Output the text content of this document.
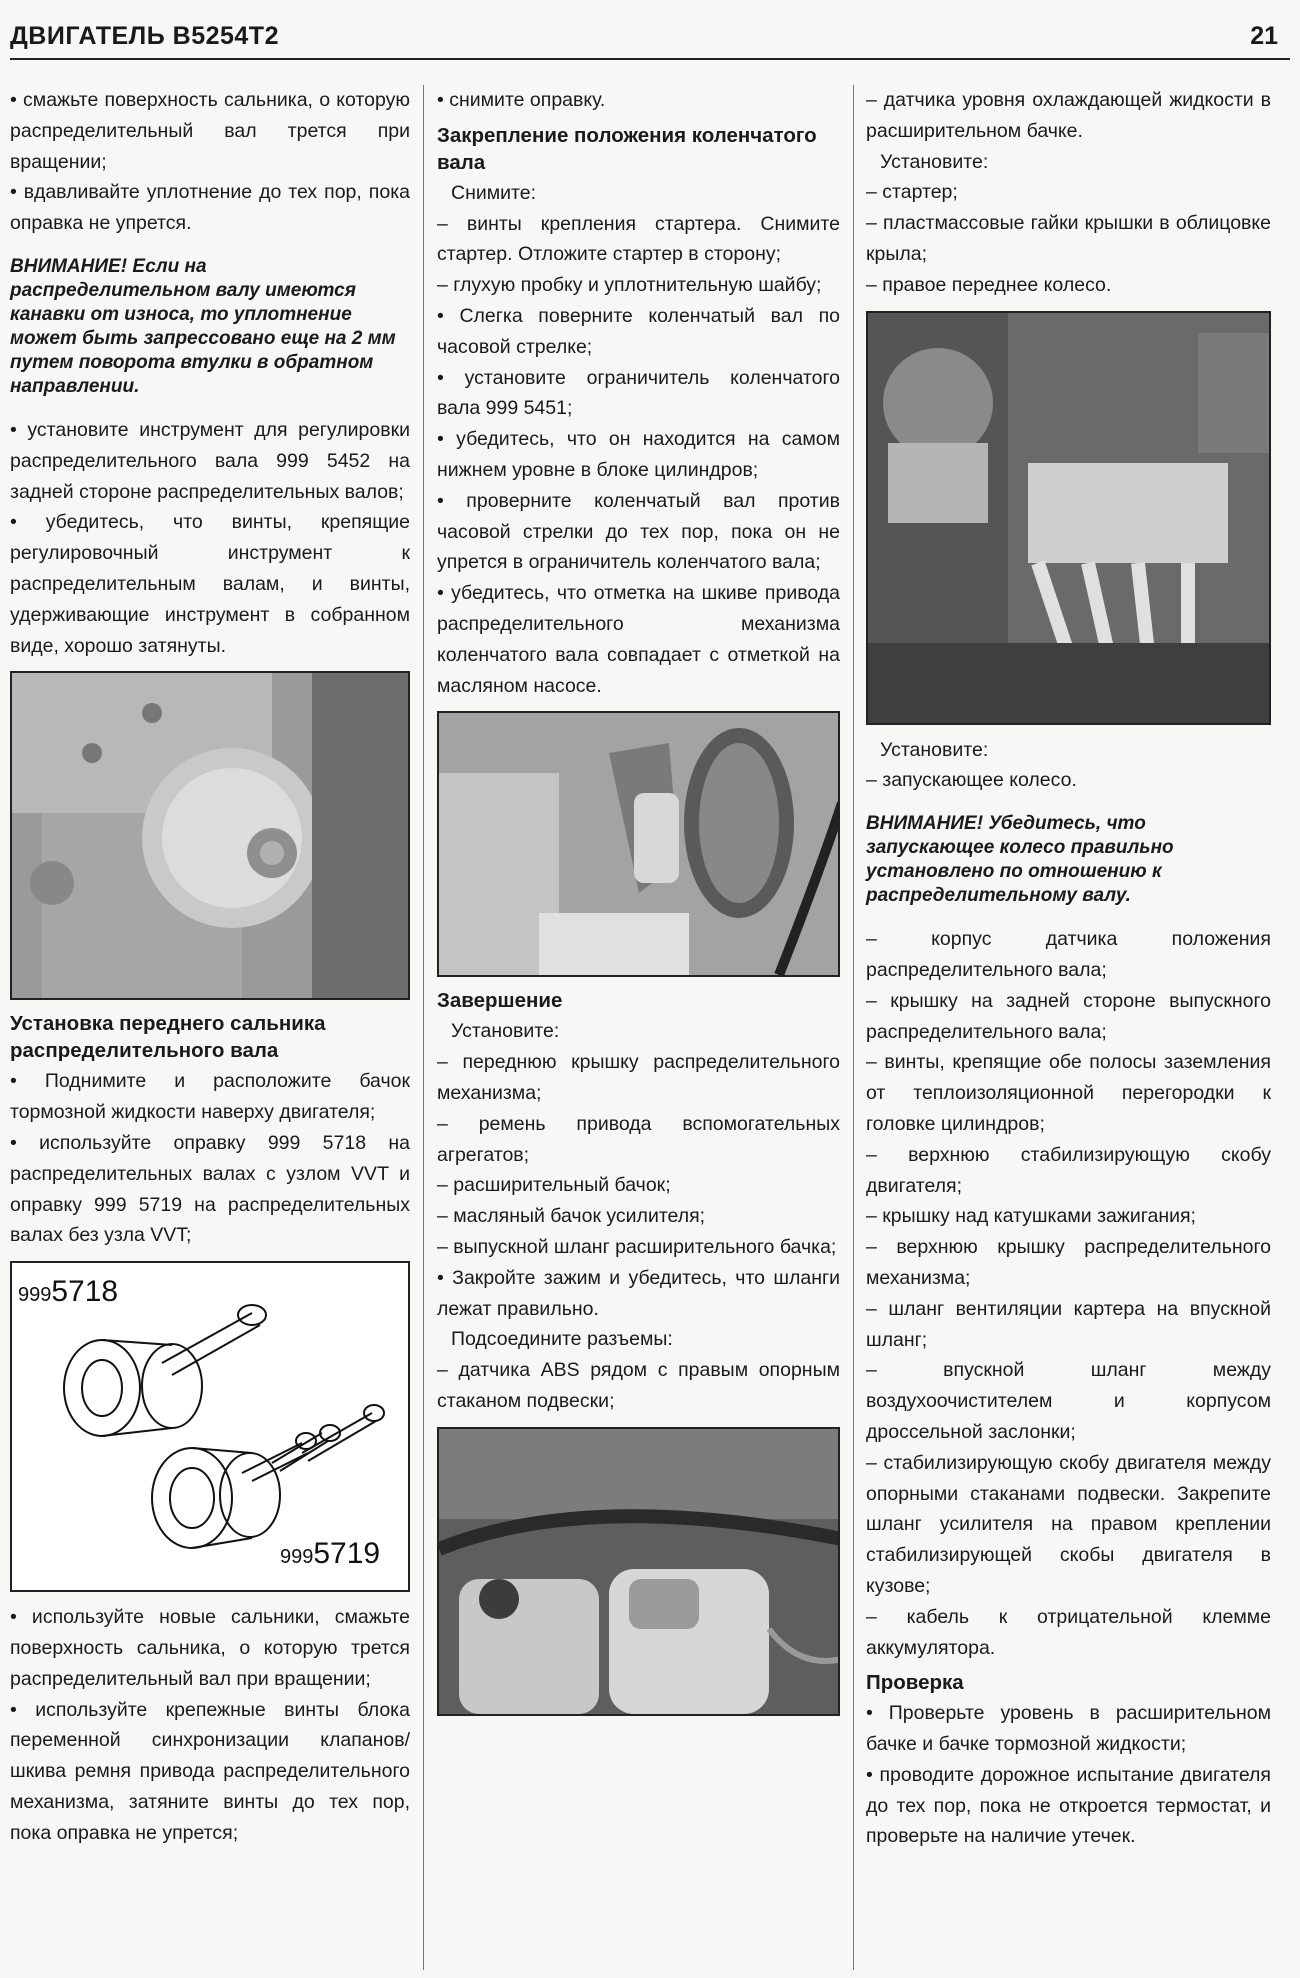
ДВИГАТЕЛЬ B5254T2	21

• смажьте поверхность сальника, о которую распределительный вал трется при вращении;

• вдавливайте уплотнение до тех пор, пока оправка не упрется.

ВНИМАНИЕ! Если на распределительном валу имеются канавки от износа, то уплотнение может быть запрессовано еще на 2 мм путем поворота втулки в обратном направлении.

• установите инструмент для регулировки распределительного вала 999 5452 на задней стороне распределительных валов;

• убедитесь, что винты, крепящие регулировочный инструмент к распределительным валам, и винты, удерживающие инструмент в собранном виде, хорошо затянуты.

Установка переднего сальника распределительного вала

• Поднимите и расположите бачок тормозной жидкости наверху двигателя;

• используйте оправку 999 5718 на распределительных валах с узлом VVT и оправку 999 5719 на распределительных валах без узла VVT;

9995718
9995719

• используйте новые сальники, смажьте поверхность сальника, о которую трется распределительный вал при вращении;

• используйте крепежные винты блока переменной синхронизации клапанов/шкива ремня привода распределительного механизма, затяните винты до тех пор, пока оправка не упрется;

• снимите оправку.

Закрепление положения коленчатого вала

Снимите:

– винты крепления стартера. Снимите стартер. Отложите стартер в сторону;

– глухую пробку и уплотнительную шайбу;

• Слегка поверните коленчатый вал по часовой стрелке;

• установите ограничитель коленчатого вала 999 5451;

• убедитесь, что он находится на самом нижнем уровне в блоке цилиндров;

• проверните коленчатый вал против часовой стрелки до тех пор, пока он не упрется в ограничитель коленчатого вала;

• убедитесь, что отметка на шкиве привода распределительного механизма коленчатого вала совпадает с отметкой на масляном насосе.

Завершение

Установите:

– переднюю крышку распределительного механизма;

– ремень привода вспомогательных агрегатов;

– расширительный бачок;

– масляный бачок усилителя;

– выпускной шланг расширительного бачка;

• Закройте зажим и убедитесь, что шланги лежат правильно.

Подсоедините разъемы:

– датчика ABS рядом с правым опорным стаканом подвески;

– датчика уровня охлаждающей жидкости в расширительном бачке.

Установите:

– стартер;

– пластмассовые гайки крышки в облицовке крыла;

– правое переднее колесо.

Установите:

– запускающее колесо.

ВНИМАНИЕ! Убедитесь, что запускающее колесо правильно установлено по отношению к распределительному валу.

– корпус датчика положения распределительного вала;

– крышку на задней стороне выпускного распределительного вала;

– винты, крепящие обе полосы заземления от теплоизоляционной перегородки к головке цилиндров;

– верхнюю стабилизирующую скобу двигателя;

– крышку над катушками зажигания;

– верхнюю крышку распределительного механизма;

– шланг вентиляции картера на впускной шланг;

– впускной шланг между воздухоочистителем и корпусом дроссельной заслонки;

– стабилизирующую скобу двигателя между опорными стаканами подвески. Закрепите шланг усилителя на правом креплении стабилизирующей скобы двигателя в кузове;

– кабель к отрицательной клемме аккумулятора.

Проверка

• Проверьте уровень в расширительном бачке и бачке тормозной жидкости;

• проводите дорожное испытание двигателя до тех пор, пока не откроется термостат, и проверьте на наличие утечек.
